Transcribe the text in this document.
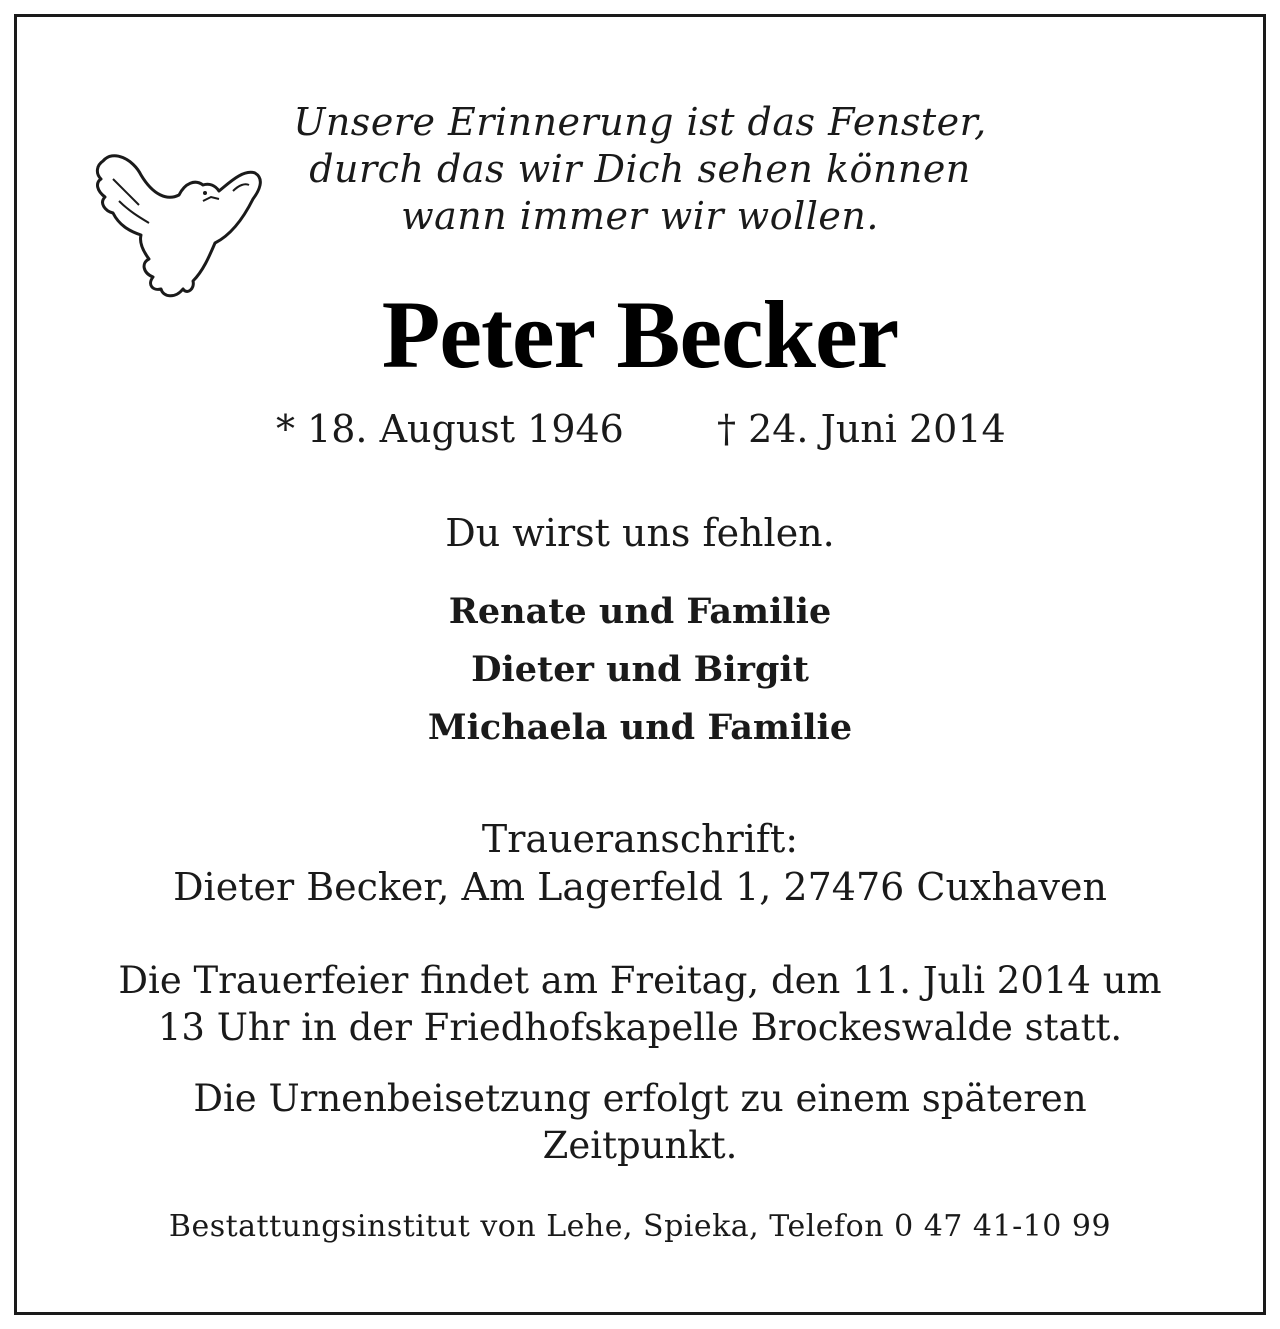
Unsere Erinnerung ist das Fenster,
durch das wir Dich sehen können
wann immer wir wollen.
Peter Becker
* 18. August 1946 † 24. Juni 2014
Du wirst uns fehlen.
Renate und Familie
Dieter und Birgit
Michaela und Familie
Traueranschrift:
Dieter Becker, Am Lagerfeld 1, 27476 Cuxhaven
Die Trauerfeier findet am Freitag, den 11. Juli 2014 um
13 Uhr in der Friedhofskapelle Brockeswalde statt.
Die Urnenbeisetzung erfolgt zu einem späteren
Zeitpunkt.
Bestattungsinstitut von Lehe, Spieka, Telefon 0 47 41-10 99
